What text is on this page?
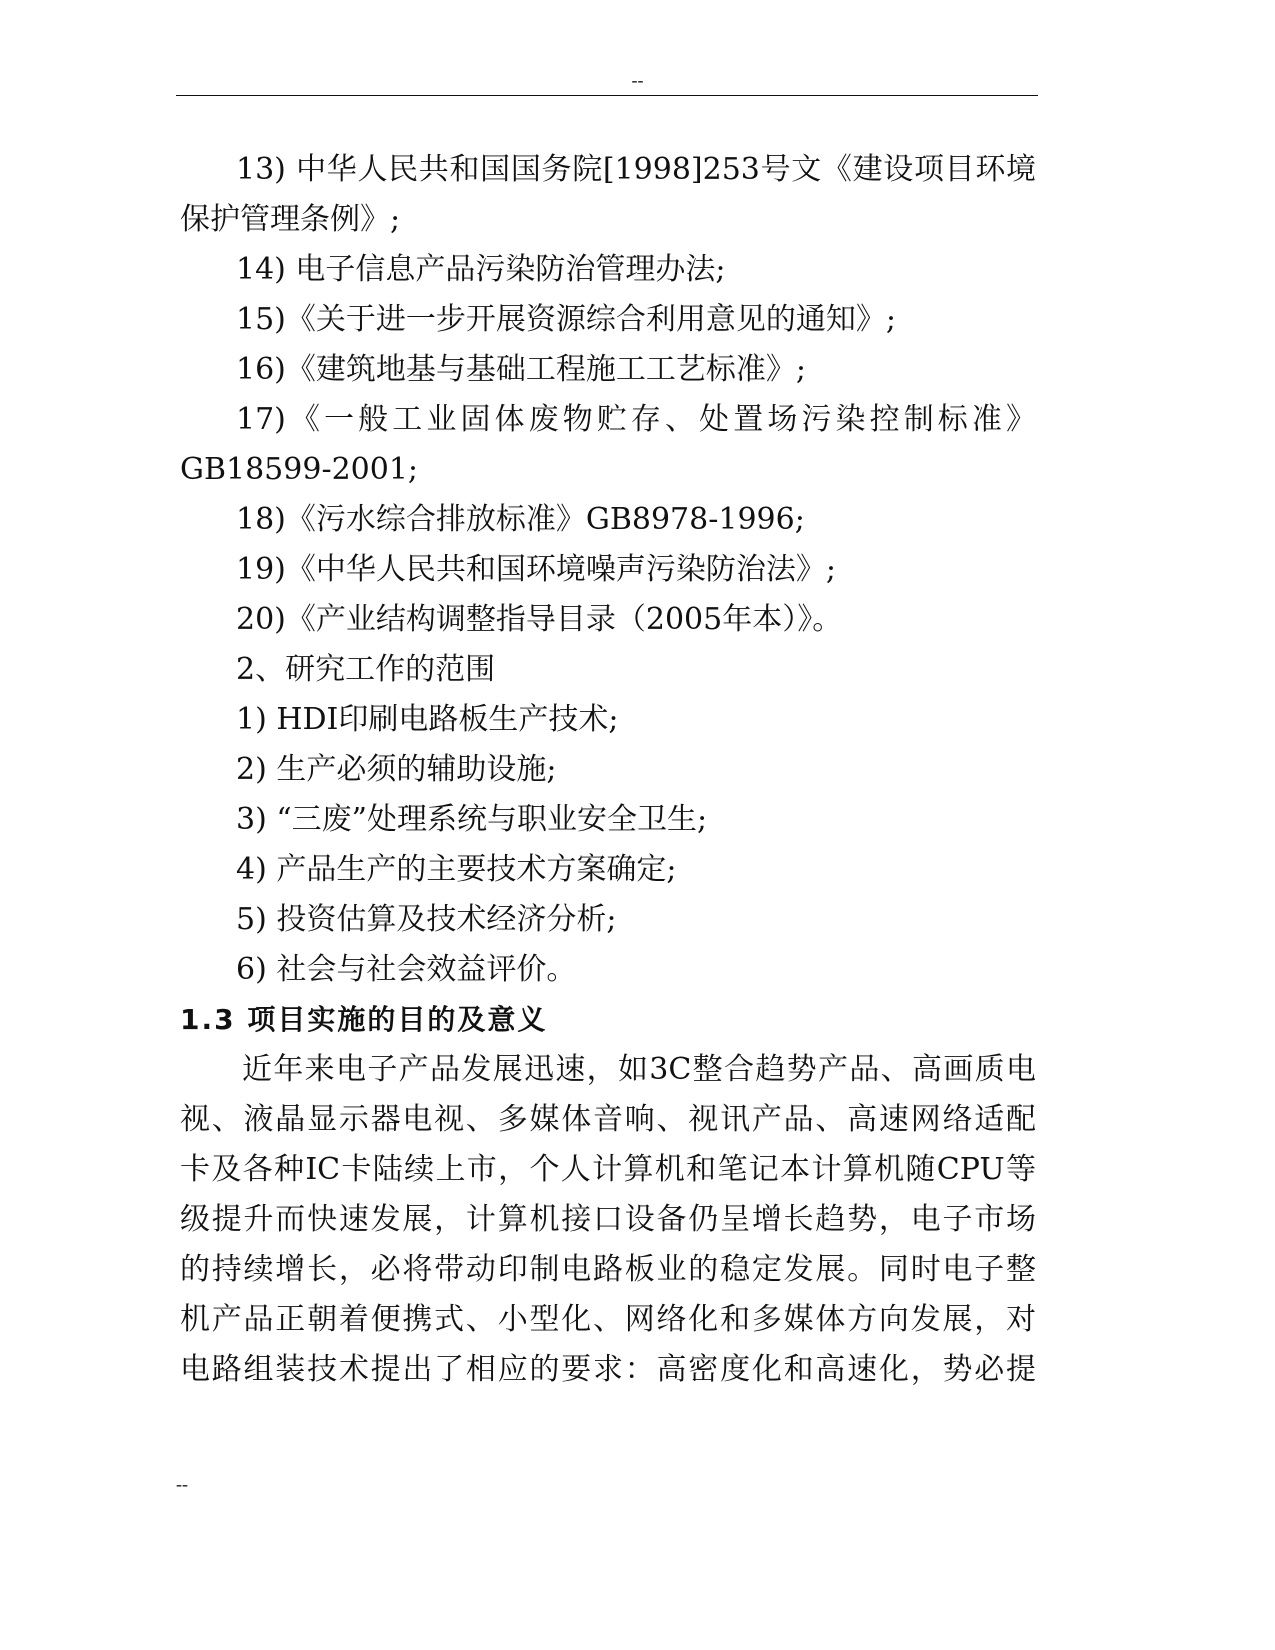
--
13) 中华人民共和国国务院[1998]253号文《建设项目环境
保护管理条例》;
14) 电子信息产品污染防治管理办法;
15)《关于进一步开展资源综合利用意见的通知》;
16)《建筑地基与基础工程施工工艺标准》;
17)《一般工业固体废物贮存、处置场污染控制标准》
GB18599-2001;
18)《污水综合排放标准》GB8978-1996;
19)《中华人民共和国环境噪声污染防治法》;
20)《产业结构调整指导目录（2005年本）》。
2、研究工作的范围
1) HDI印刷电路板生产技术;
2) 生产必须的辅助设施;
3) “三废”处理系统与职业安全卫生;
4) 产品生产的主要技术方案确定;
5) 投资估算及技术经济分析;
6) 社会与社会效益评价。
1.3 项目实施的目的及意义
近年来电子产品发展迅速，如3C整合趋势产品、高画质电
视、液晶显示器电视、多媒体音响、视讯产品、高速网络适配
卡及各种IC卡陆续上市，个人计算机和笔记本计算机随CPU等
级提升而快速发展，计算机接口设备仍呈增长趋势，电子市场
的持续增长，必将带动印制电路板业的稳定发展。同时电子整
机产品正朝着便携式、小型化、网络化和多媒体方向发展，对
电路组装技术提出了相应的要求：高密度化和高速化，势必提
--
